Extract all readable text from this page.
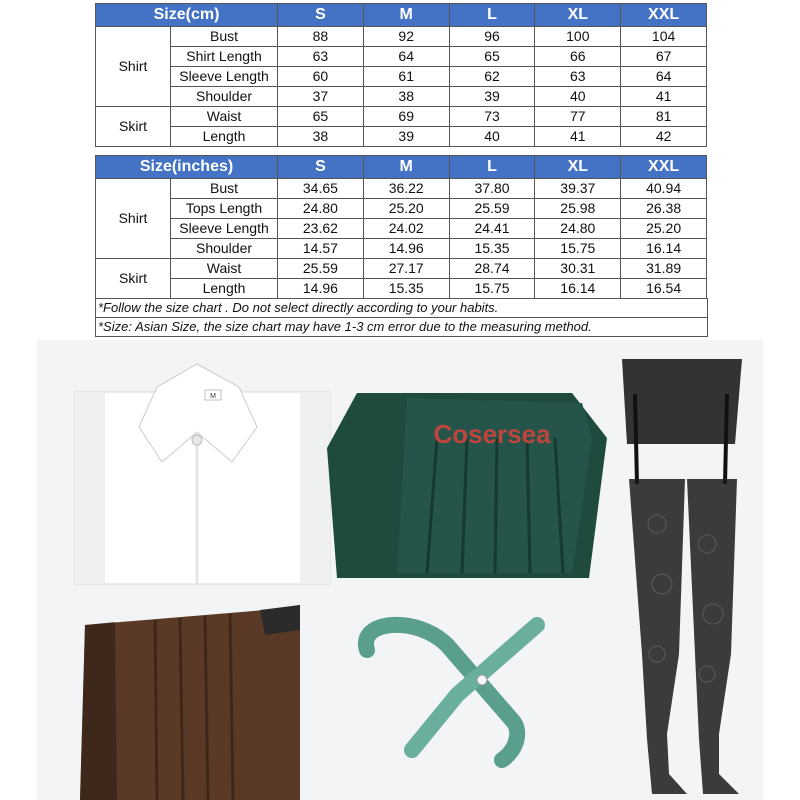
Size(cm)		S	M	L	XL	XXL
Shirt	Bust	88	92	96	100	104
	Shirt Length	63	64	65	66	67
	Sleeve Length	60	61	62	63	64
	Shoulder	37	38	39	40	41
Skirt	Waist	65	69	73	77	81
	Length	38	39	40	41	42
Size(inches)		S	M	L	XL	XXL
Shirt	Bust	34.65	36.22	37.80	39.37	40.94
	Tops Length	24.80	25.20	25.59	25.98	26.38
	Sleeve Length	23.62	24.02	24.41	24.80	25.20
	Shoulder	14.57	14.96	15.35	15.75	16.14
Skirt	Waist	25.59	27.17	28.74	30.31	31.89
	Length	14.96	15.35	15.75	16.14	16.54
*Follow the size chart . Do not select directly according to your habits.
*Size: Asian Size, the size chart may have 1-3 cm error due to the measuring method.
M
Cosersea
